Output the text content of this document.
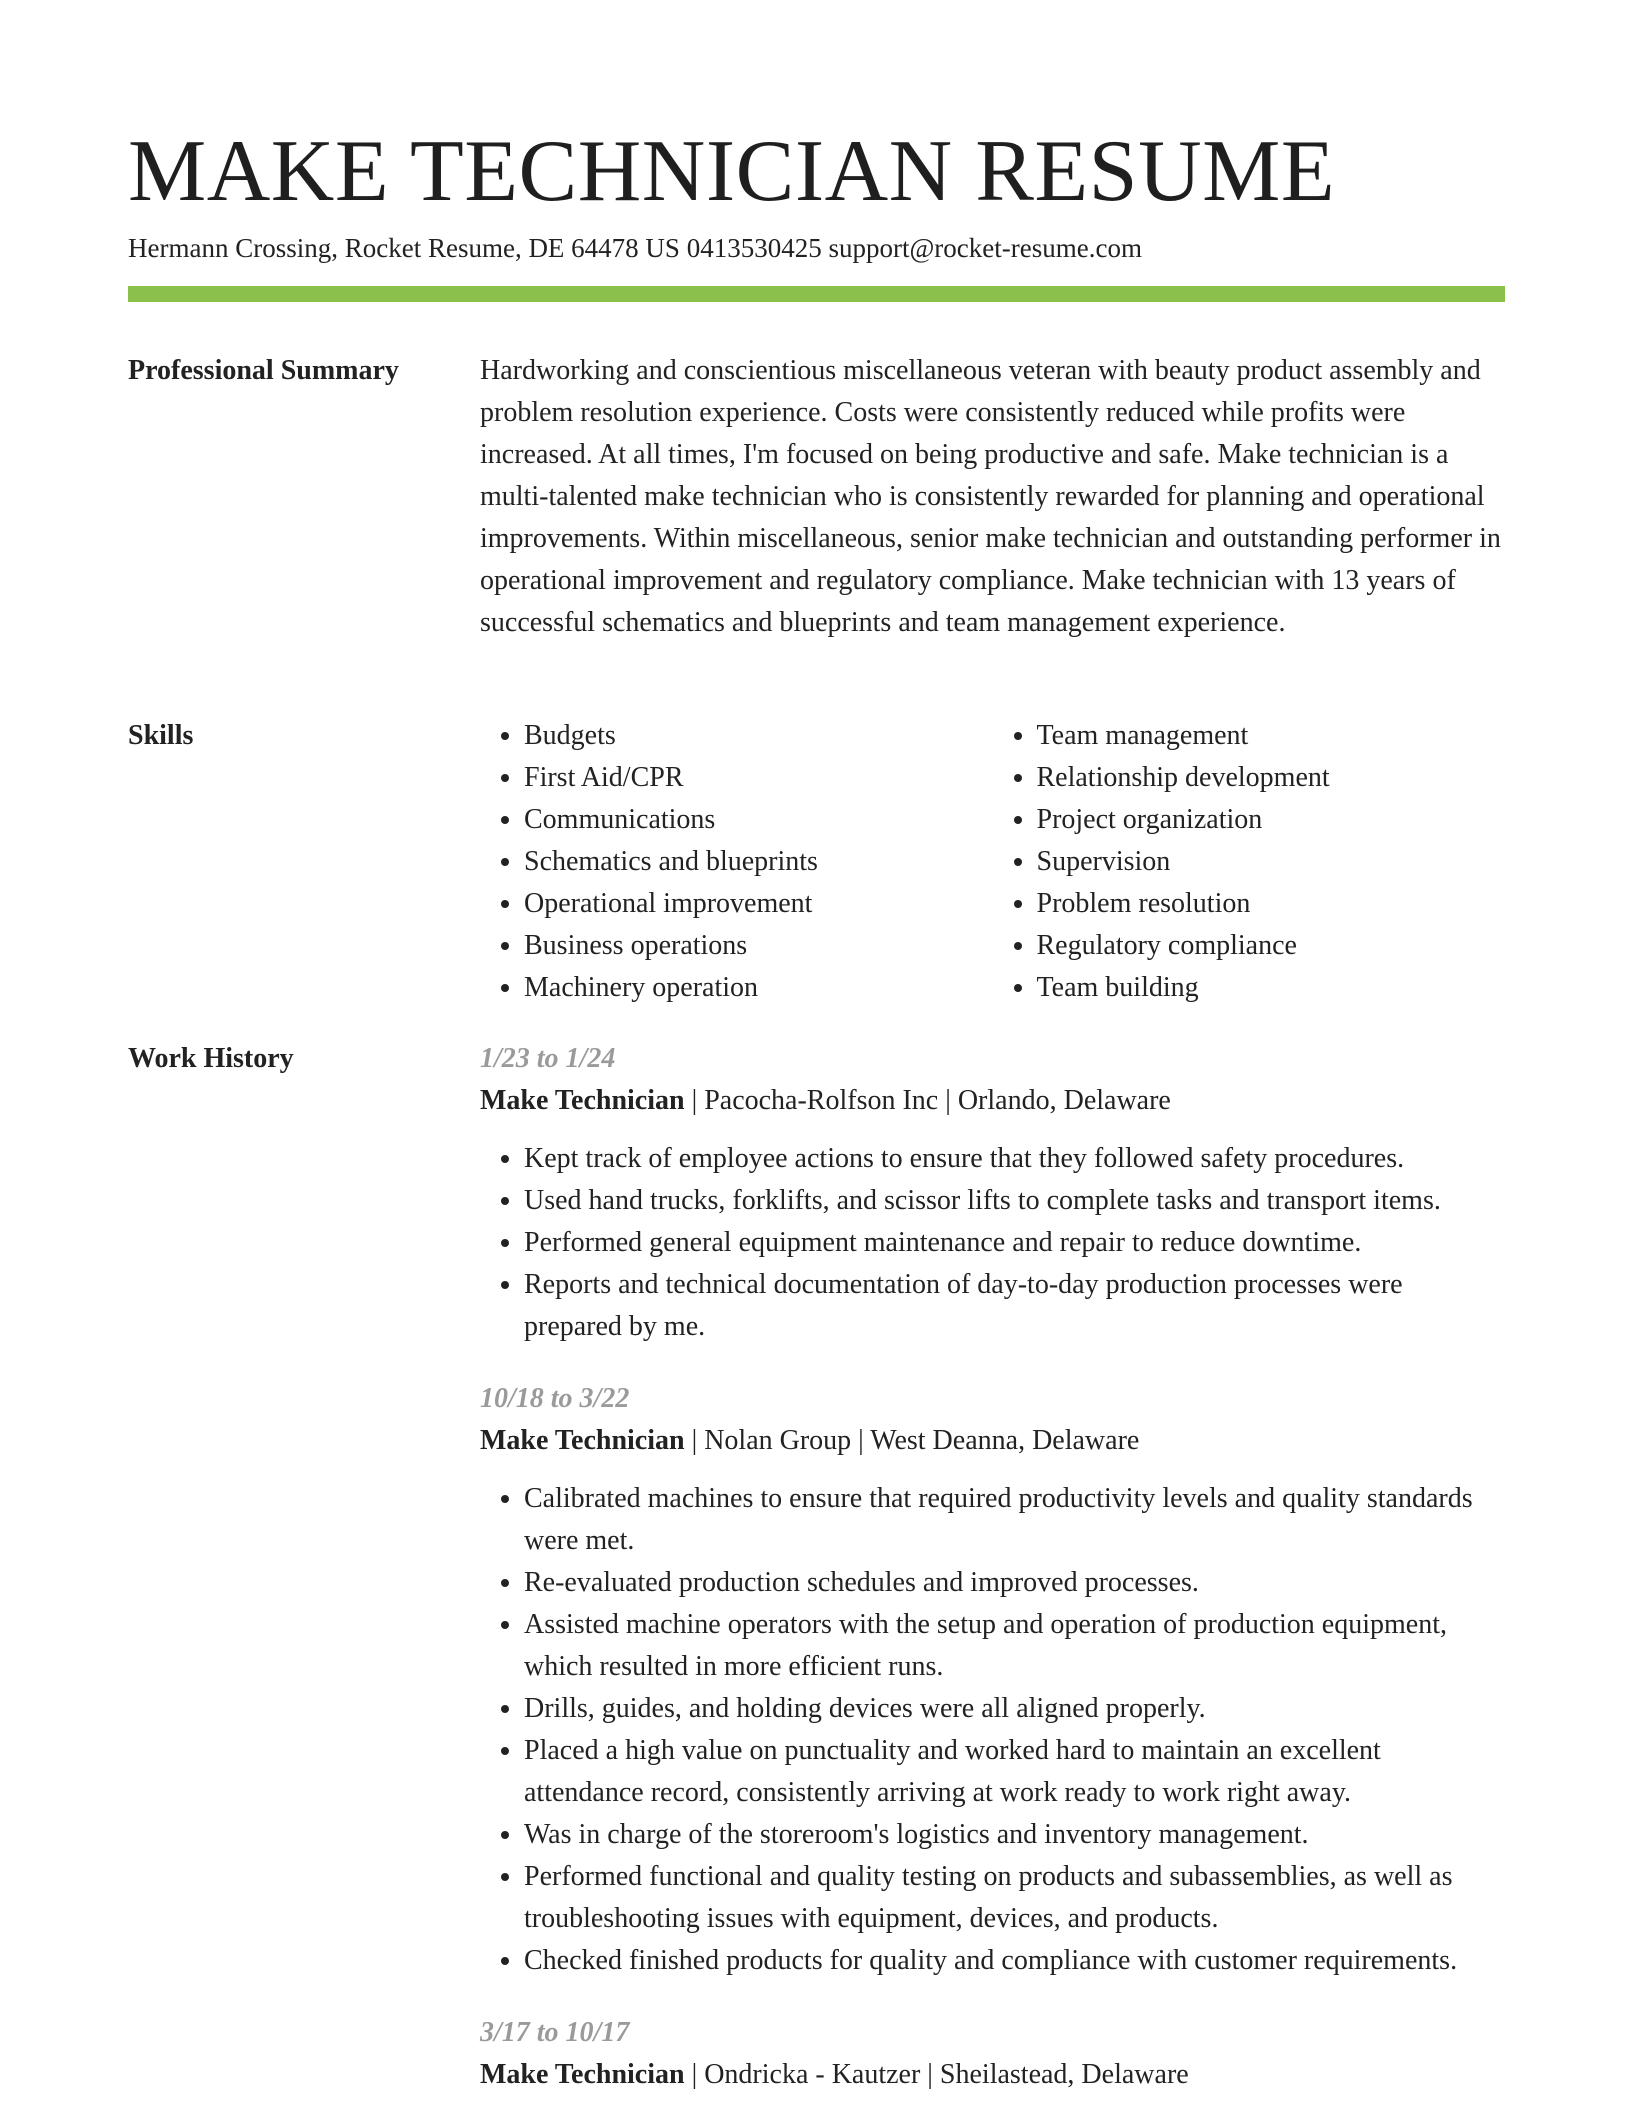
MAKE TECHNICIAN RESUME
Hermann Crossing, Rocket Resume, DE 64478 US 0413530425 support@rocket-resume.com
Professional Summary	Hardworking and conscientious miscellaneous veteran with beauty product assembly and problem resolution experience. Costs were consistently reduced while profits were increased. At all times, I'm focused on being productive and safe. Make technician is a multi-talented make technician who is consistently rewarded for planning and operational improvements. Within miscellaneous, senior make technician and outstanding performer in operational improvement and regulatory compliance. Make technician with 13 years of successful schematics and blueprints and team management experience.

Skills
•	Budgets
• First Aid/CPR
• Communications
• Schematics and blueprints
• Operational improvement
• Business operations
• Machinery operation
• Team management
• Relationship development
• Project organization
• Supervision
• Problem resolution
• Regulatory compliance
• Team building
Work History	1/23 to 1/24

Make Technician | Pacocha-Rolfson Inc | Orlando, Delaware

• Kept track of employee actions to ensure that they followed safety procedures.
• Used hand trucks, forklifts, and scissor lifts to complete tasks and transport items.
• Performed general equipment maintenance and repair to reduce downtime.
• Reports and technical documentation of day-to-day production processes were prepared by me.

10/18 to 3/22

Make Technician | Nolan Group | West Deanna, Delaware

• Calibrated machines to ensure that required productivity levels and quality standards were met.
• Re-evaluated production schedules and improved processes.
• Assisted machine operators with the setup and operation of production equipment, which resulted in more efficient runs.
• Drills, guides, and holding devices were all aligned properly.
• Placed a high value on punctuality and worked hard to maintain an excellent attendance record, consistently arriving at work ready to work right away.
• Was in charge of the storeroom's logistics and inventory management.
• Performed functional and quality testing on products and subassemblies, as well as troubleshooting issues with equipment, devices, and products.
• Checked finished products for quality and compliance with customer requirements.

3/17 to 10/17

Make Technician | Ondricka - Kautzer | Sheilastead, Delaware
